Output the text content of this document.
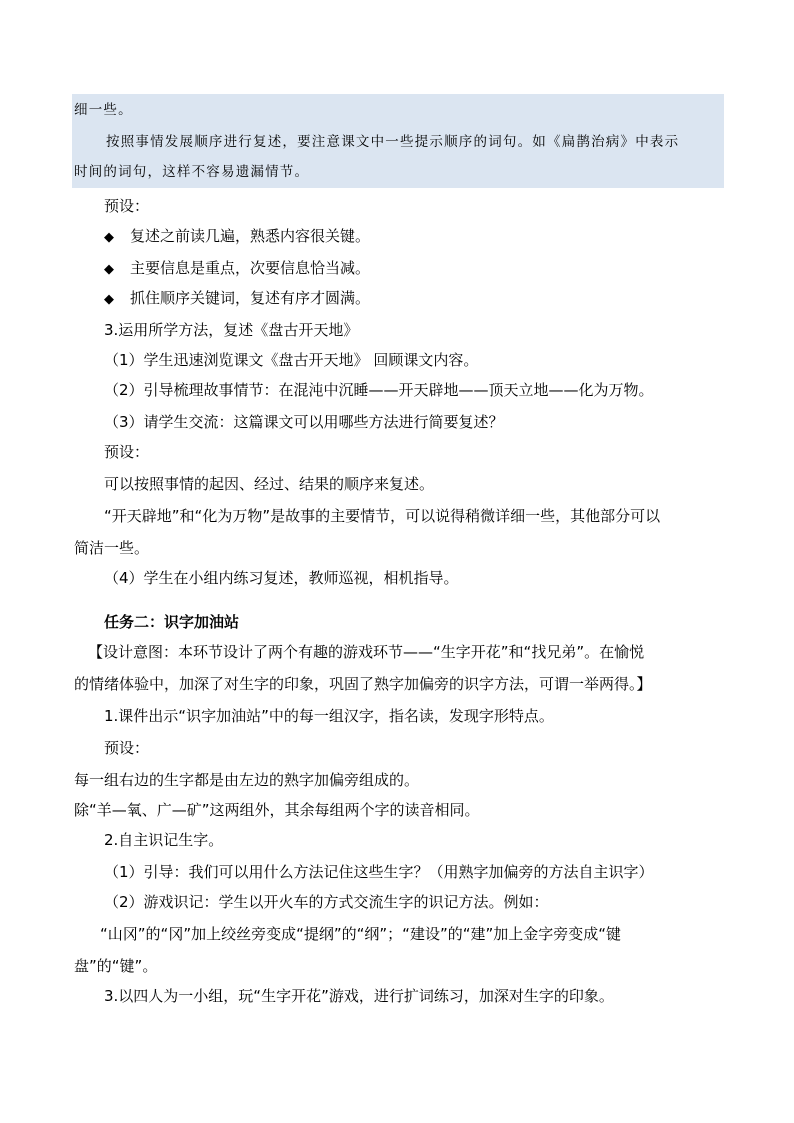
细一些。
按照事情发展顺序进行复述，要注意课文中一些提示顺序的词句。如《扁鹊治病》中表示
时间的词句，这样不容易遗漏情节。
预设：
◆ 复述之前读几遍，熟悉内容很关键。
◆ 主要信息是重点，次要信息恰当减。
◆ 抓住顺序关键词，复述有序才圆满。
3.运用所学方法，复述《盘古开天地》
（1）学生迅速浏览课文《盘古开天地》 回顾课文内容。
（2）引导梳理故事情节：在混沌中沉睡——开天辟地——顶天立地——化为万物。
（3）请学生交流：这篇课文可以用哪些方法进行简要复述？
预设：
可以按照事情的起因、经过、结果的顺序来复述。
“开天辟地”和“化为万物”是故事的主要情节，可以说得稍微详细一些，其他部分可以
简洁一些。
（4）学生在小组内练习复述，教师巡视，相机指导。
任务二：识字加油站
【设计意图：本环节设计了两个有趣的游戏环节——“生字开花”和“找兄弟”。在愉悦
的情绪体验中，加深了对生字的印象，巩固了熟字加偏旁的识字方法，可谓一举两得。】
1.课件出示“识字加油站”中的每一组汉字，指名读，发现字形特点。
预设：
每一组右边的生字都是由左边的熟字加偏旁组成的。
除“羊—氧、广—矿”这两组外，其余每组两个字的读音相同。
2.自主识记生字。
（1）引导：我们可以用什么方法记住这些生字？（用熟字加偏旁的方法自主识字）
（2）游戏识记：学生以开火车的方式交流生字的识记方法。例如：
“山冈”的“冈”加上绞丝旁变成“提纲”的“纲”；“建设”的“建”加上金字旁变成“键
盘”的“键”。
3.以四人为一小组，玩“生字开花”游戏，进行扩词练习，加深对生字的印象。
